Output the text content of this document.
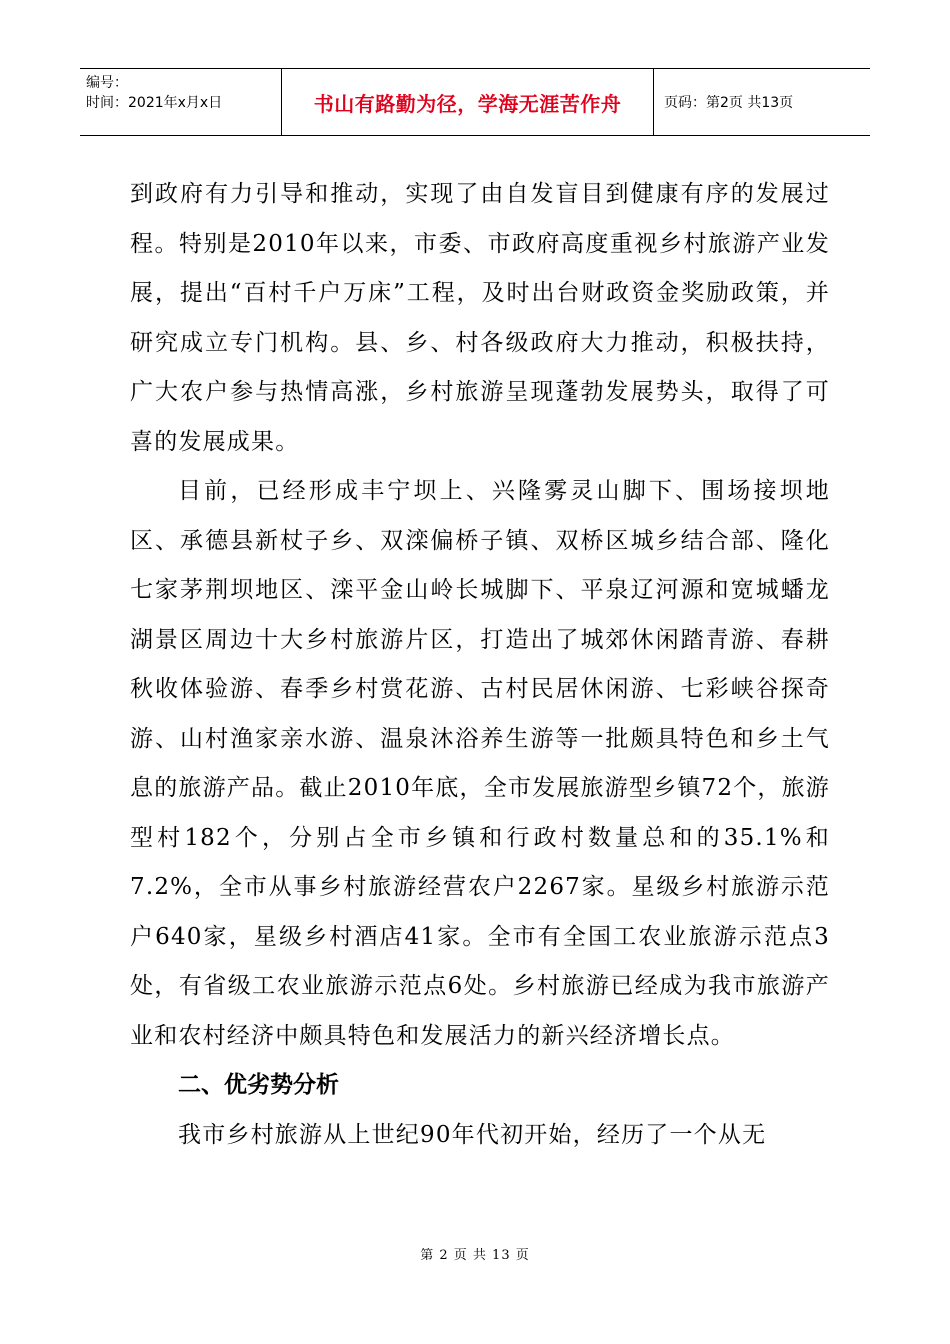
编号：
时间：2021年x月x日	书山有路勤为径，学海无涯苦作舟	页码：第2页 共13页

到政府有力引导和推动，实现了由自发盲目到健康有序的发展过程。特别是2010年以来，市委、市政府高度重视乡村旅游产业发展，提出“百村千户万床”工程，及时出台财政资金奖励政策，并研究成立专门机构。县、乡、村各级政府大力推动，积极扶持，广大农户参与热情高涨，乡村旅游呈现蓬勃发展势头，取得了可喜的发展成果。

目前，已经形成丰宁坝上、兴隆雾灵山脚下、围场接坝地区、承德县新杖子乡、双滦偏桥子镇、双桥区城乡结合部、隆化七家茅荆坝地区、滦平金山岭长城脚下、平泉辽河源和宽城蟠龙湖景区周边十大乡村旅游片区，打造出了城郊休闲踏青游、春耕秋收体验游、春季乡村赏花游、古村民居休闲游、七彩峡谷探奇游、山村渔家亲水游、温泉沐浴养生游等一批颇具特色和乡土气息的旅游产品。截止2010年底，全市发展旅游型乡镇72个，旅游型村182个，分别占全市乡镇和行政村数量总和的35.1%和7.2%，全市从事乡村旅游经营农户2267家。星级乡村旅游示范户640家，星级乡村酒店41家。全市有全国工农业旅游示范点3处，有省级工农业旅游示范点6处。乡村旅游已经成为我市旅游产业和农村经济中颇具特色和发展活力的新兴经济增长点。

二、优劣势分析

我市乡村旅游从上世纪90年代初开始，经历了一个从无

第 2 页 共 13 页
